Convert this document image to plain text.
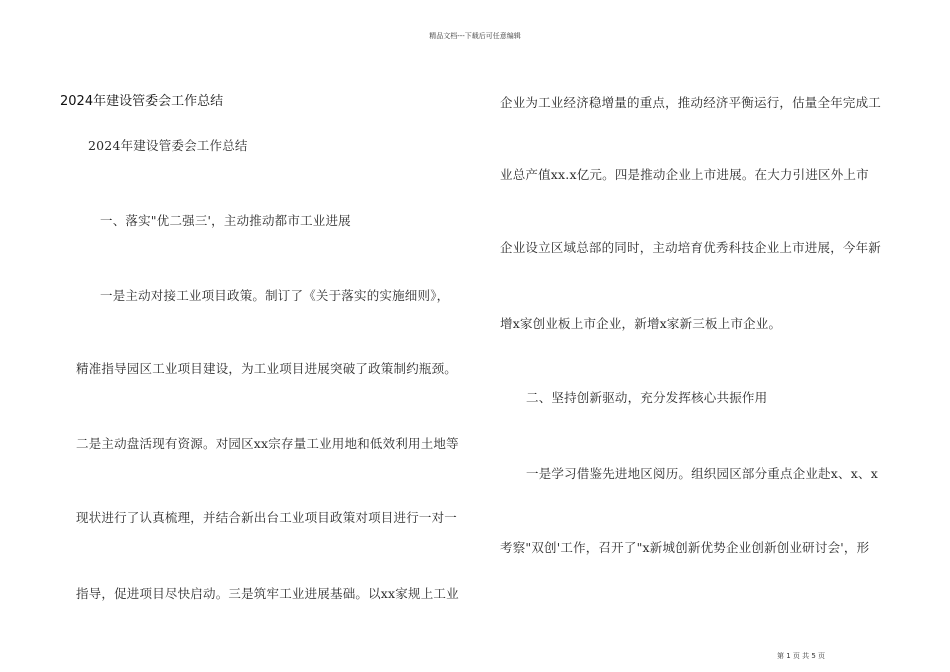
精品文档---下载后可任意编辑
2024年建设管委会工作总结
2024年建设管委会工作总结
一、落实"优二强三'，主动推动都市工业进展
一是主动对接工业项目政策。制订了《关于落实的实施细则》，
精准指导园区工业项目建设，为工业项目进展突破了政策制约瓶颈。
二是主动盘活现有资源。对园区xx宗存量工业用地和低效利用土地等
现状进行了认真梳理，并结合新出台工业项目政策对项目进行一对一
指导，促进项目尽快启动。三是筑牢工业进展基础。以xx家规上工业
企业为工业经济稳增量的重点，推动经济平衡运行，估量全年完成工
业总产值xx.x亿元。四是推动企业上市进展。在大力引进区外上市
企业设立区域总部的同时，主动培育优秀科技企业上市进展，今年新
增x家创业板上市企业，新增x家新三板上市企业。
二、坚持创新驱动，充分发挥核心共振作用
一是学习借鉴先进地区阅历。组织园区部分重点企业赴x、x、x
考察"双创'工作，召开了"x新城创新优势企业创新创业研讨会'，形
第 1 页 共 5 页
